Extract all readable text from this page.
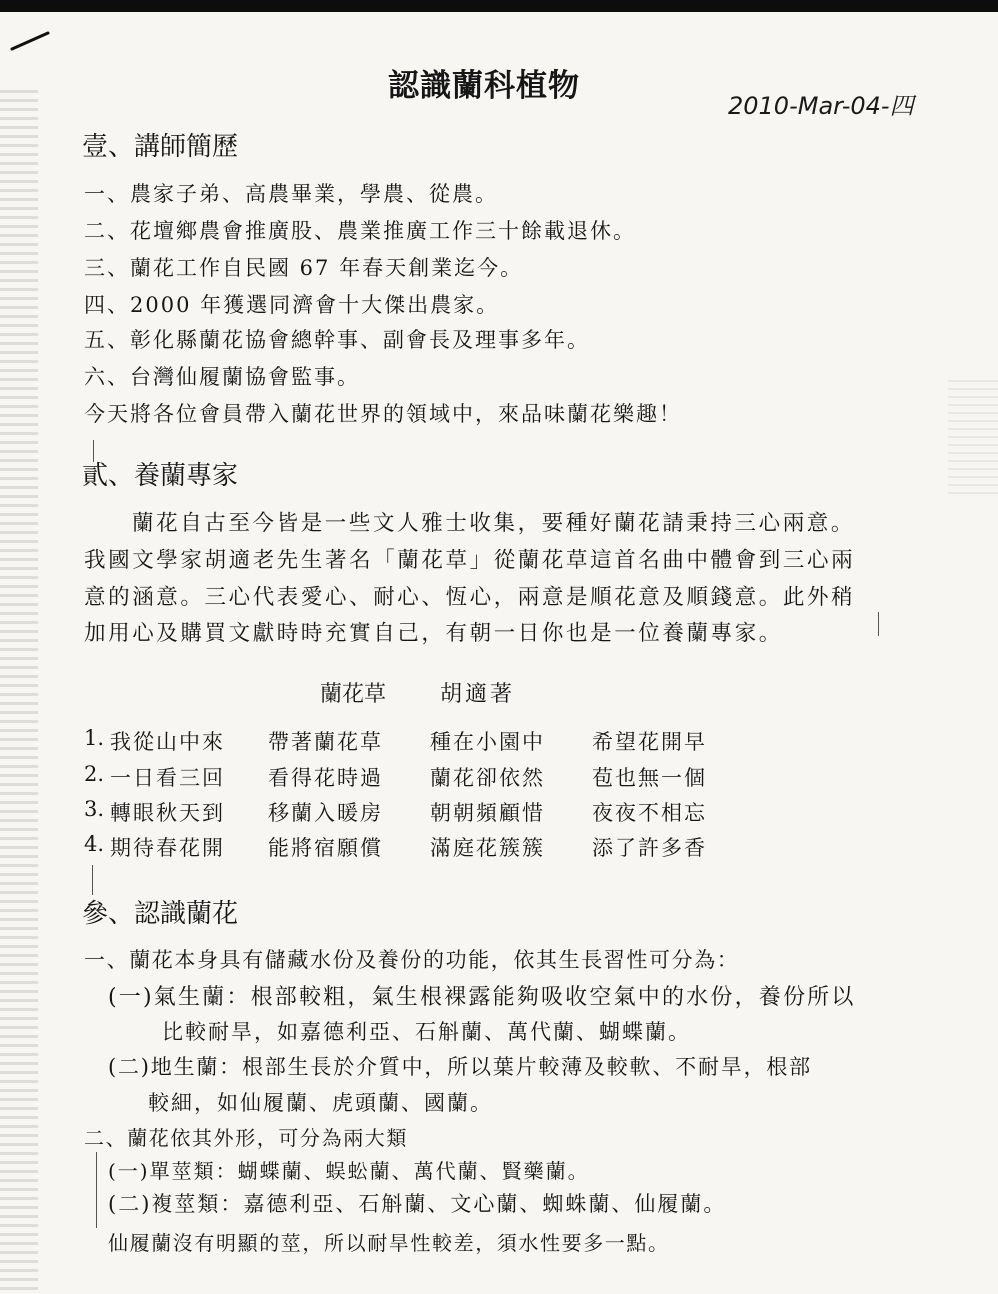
認識蘭科植物
2010-Mar-04-四
壹、講師簡歷
一、農家子弟、高農畢業，學農、從農。
二、花壇鄉農會推廣股、農業推廣工作三十餘載退休。
三、蘭花工作自民國 67 年春天創業迄今。
四、2000 年獲選同濟會十大傑出農家。
五、彰化縣蘭花協會總幹事、副會長及理事多年。
六、台灣仙履蘭協會監事。
今天將各位會員帶入蘭花世界的領域中，來品味蘭花樂趣！
貳、養蘭專家
蘭花自古至今皆是一些文人雅士收集，要種好蘭花請秉持三心兩意。
我國文學家胡適老先生著名「蘭花草」從蘭花草這首名曲中體會到三心兩
意的涵意。三心代表愛心、耐心、恆心，兩意是順花意及順錢意。此外稍
加用心及購買文獻時時充實自己，有朝一日你也是一位養蘭專家。
蘭花草 胡適著
1. 我從山中來	帶著蘭花草	種在小園中	希望花開早
2. 一日看三回	看得花時過	蘭花卻依然	苞也無一個
3. 轉眼秋天到	移蘭入暖房	朝朝頻顧惜	夜夜不相忘
4. 期待春花開	能將宿願償	滿庭花簇簇	添了許多香
參、認識蘭花
一、蘭花本身具有儲藏水份及養份的功能，依其生長習性可分為：
(一)氣生蘭：根部較粗，氣生根裸露能夠吸收空氣中的水份，養份所以
比較耐旱，如嘉德利亞、石斛蘭、萬代蘭、蝴蝶蘭。
(二)地生蘭：根部生長於介質中，所以葉片較薄及較軟、不耐旱，根部
較細，如仙履蘭、虎頭蘭、國蘭。
二、蘭花依其外形，可分為兩大類
(一)單莖類：蝴蝶蘭、蜈蚣蘭、萬代蘭、賢藥蘭。
(二)複莖類：嘉德利亞、石斛蘭、文心蘭、蜘蛛蘭、仙履蘭。
仙履蘭沒有明顯的莖，所以耐旱性較差，須水性要多一點。
